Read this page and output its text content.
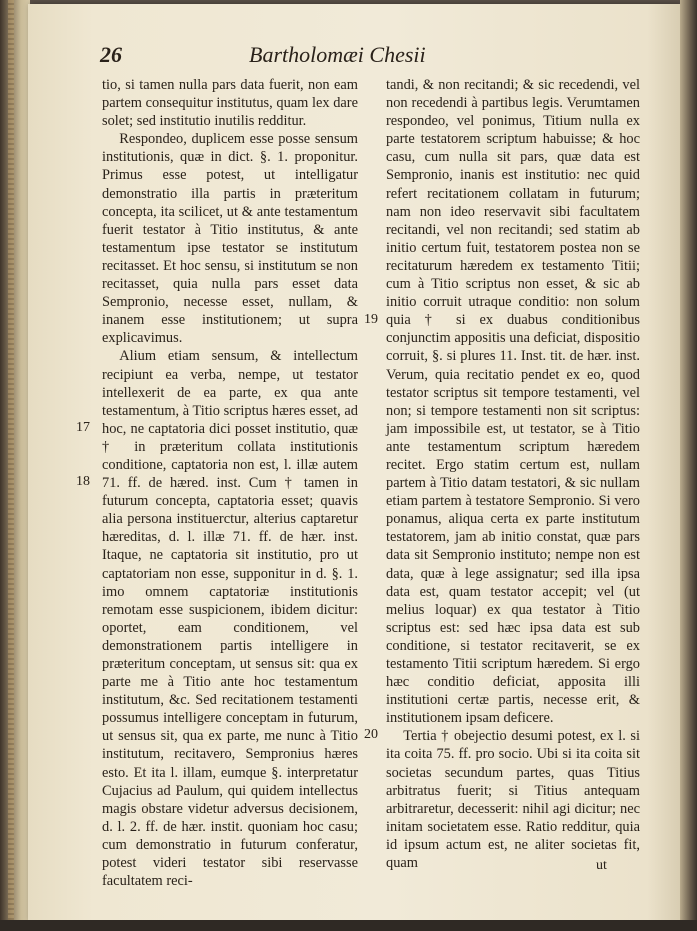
26	Bartholomæi Chesii

tio, si tamen nulla pars data fuerit, non eam partem consequitur institutus, quam lex dare solet; sed institutio inutilis redditur.

Respondeo, duplicem esse posse sensum institutionis, quæ in dict. §. 1. proponitur. Primus esse potest, ut intelligatur demonstratio illa partis in præteritum concepta, ita scilicet, ut & ante testamentum fuerit testator à Titio institutus, & ante testamentum ipse testator se institutum recitasset. Et hoc sensu, si institutum se non recitasset, quia nulla pars esset data Sempronio, necesse esset, nullam, & inanem esse institutionem; ut supra explicavimus.

Alium etiam sensum, & intellectum recipiunt ea verba, nempe, ut testator intellexerit de ea parte, ex qua ante testamentum, à Titio scriptus hæres esset, ad hoc, ne captatoria dici posset institutio, quæ † in præteritum collata institutionis conditione, captatoria non est, l. illæ autem 71. ff. de hæred. inst. Cum † tamen in futurum concepta, captatoria esset; quavis alia persona instituerctur, alterius captaretur hæreditas, d. l. illæ 71. ff. de hær. inst. Itaque, ne captatoria sit institutio, pro ut captatoriam non esse, supponitur in d. §. 1. imo omnem captatoriæ institutionis remotam esse suspicionem, ibidem dicitur: oportet, eam conditionem, vel demonstrationem partis intelligere in præteritum conceptam, ut sensus sit: qua ex parte me à Titio ante hoc testamentum institutum, &c. Sed recitationem testamenti possumus intelligere conceptam in futurum, ut sensus sit, qua ex parte, me nunc à Titio institutum, recitavero, Sempronius hæres esto. Et ita l. illam, eumque §. interpretatur Cujacius ad Paulum, qui quidem intellectus magis obstare videtur adversus decisionem, d. l. 2. ff. de hær. instit. quoniam hoc casu; cum demonstratio in futurum conferatur, potest videri testator sibi reservasse facultatem reci-

tandi, & non recitandi; & sic recedendi, vel non recedendi à partibus legis. Verumtamen respondeo, vel ponimus, Titium nulla ex parte testatorem scriptum habuisse; & hoc casu, cum nulla sit pars, quæ data est Sempronio, inanis est institutio: nec quid refert recitationem collatam in futurum; nam non ideo reservavit sibi facultatem recitandi, vel non recitandi; sed statim ab initio certum fuit, testatorem postea non se recitaturum hæredem ex testamento Titii; cum à Titio scriptus non esset, & sic ab initio corruit utraque conditio: non solum quia † si ex duabus conditionibus conjunctim appositis una deficiat, dispositio corruit, §. si plures 11. Inst. tit. de hær. inst. Verum, quia recitatio pendet ex eo, quod testator scriptus sit tempore testamenti, vel non; si tempore testamenti non sit scriptus: jam impossibile est, ut testator, se à Titio ante testamentum scriptum hæredem recitet. Ergo statim certum est, nullam partem à Titio datam testatori, & sic nullam etiam partem à testatore Sempronio. Si vero ponamus, aliqua certa ex parte institutum testatorem, jam ab initio constat, quæ pars data sit Sempronio instituto; nempe non est data, quæ à lege assignatur; sed illa ipsa data est, quam testator accepit; vel (ut melius loquar) ex qua testator à Titio scriptus est: sed hæc ipsa data est sub conditione, si testator recitaverit, se ex testamento Titii scriptum hæredem. Si ergo hæc conditio deficiat, apposita illi institutioni certæ partis, necesse erit, & institutionem ipsam deficere.

Tertia † obejectio desumi potest, ex l. si ita coita 75. ff. pro socio. Ubi si ita coita sit societas secundum partes, quas Titius arbitratus fuerit; si Titius antequam arbitraretur, decesserit: nihil agi dicitur; nec initam societatem esse. Ratio redditur, quia id ipsum actum est, ne aliter societas fit, quam

17
18
19
20
ut
